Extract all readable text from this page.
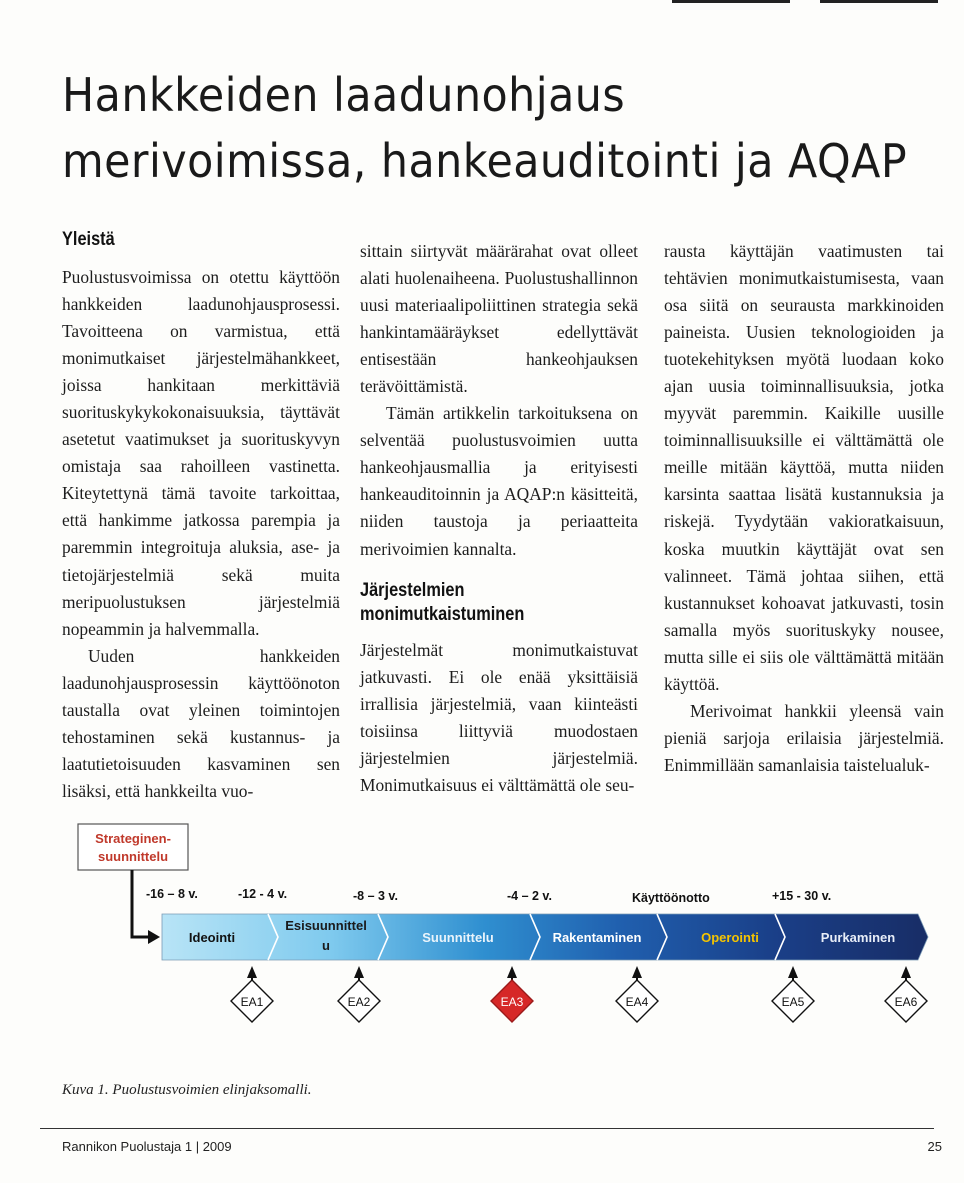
Hankkeiden laadunohjaus
merivoimissa, hankeauditointi ja AQAP
Yleistä

Puolustusvoimissa on otettu käyttöön hankkeiden laadunohjausprosessi. Tavoitteena on varmistua, että monimutkaiset järjestelmähankkeet, joissa hankitaan merkittäviä suorituskykykokonaisuuksia, täyttävät asetetut vaatimukset ja suorituskyvyn omistaja saa rahoilleen vastinetta. Kiteytettynä tämä tavoite tarkoittaa, että hankimme jatkossa parempia ja paremmin integroituja aluksia, ase- ja tietojärjestelmiä sekä muita meripuolustuksen järjestelmiä nopeammin ja halvemmalla.

Uuden hankkeiden laadunohjausprosessin käyttöönoton taustalla ovat yleinen toimintojen tehostaminen sekä kustannus- ja laatutietoisuuden kasvaminen sen lisäksi, että hankkeilta vuo-

sittain siirtyvät määrärahat ovat olleet alati huolenaiheena. Puolustushallinnon uusi materiaalipoliittinen strategia sekä hankintamääräykset edellyttävät entisestään hankeohjauksen terävöittämistä.

Tämän artikkelin tarkoituksena on selventää puolustusvoimien uutta hankeohjausmallia ja erityisesti hankeauditoinnin ja AQAP:n käsitteitä, niiden taustoja ja periaatteita merivoimien kannalta.

Järjestelmien monimutkaistuminen

Järjestelmät monimutkaistuvat jatkuvasti. Ei ole enää yksittäisiä irrallisia järjestelmiä, vaan kiinteästi toisiinsa liittyviä muodostaen järjestelmien järjestelmiä. Monimutkaisuus ei välttämättä ole seu-

rausta käyttäjän vaatimusten tai tehtävien monimutkaistumisesta, vaan osa siitä on seurausta markkinoiden paineista. Uusien teknologioiden ja tuotekehityksen myötä luodaan koko ajan uusia toiminnallisuuksia, jotka myyvät paremmin. Kaikille uusille toiminnallisuuksille ei välttämättä ole meille mitään käyttöä, mutta niiden karsinta saattaa lisätä kustannuksia ja riskejä. Tyydytään vakioratkaisuun, koska muutkin käyttäjät ovat sen valinneet. Tämä johtaa siihen, että kustannukset kohoavat jatkuvasti, tosin samalla myös suorituskyky nousee, mutta sille ei siis ole välttämättä mitään käyttöä.

Merivoimat hankkii yleensä vain pieniä sarjoja erilaisia järjestelmiä. Enimmillään samanlaisia taistelualuk-

Strateginen-
suunnittelu
-16 – 8 v.	-12 - 4 v.	-8 – 3 v.	-4 – 2 v.	Käyttöönotto	+15 - 30 v.
Ideointi
Esisuunnittel
u
Suunnittelu	Rakentaminen	Operointi	Purkaminen
EA1	EA2	EA3	EA4	EA5	EA6

Kuva 1. Puolustusvoimien elinjaksomalli.

Rannikon Puolustaja 1 | 2009	25
